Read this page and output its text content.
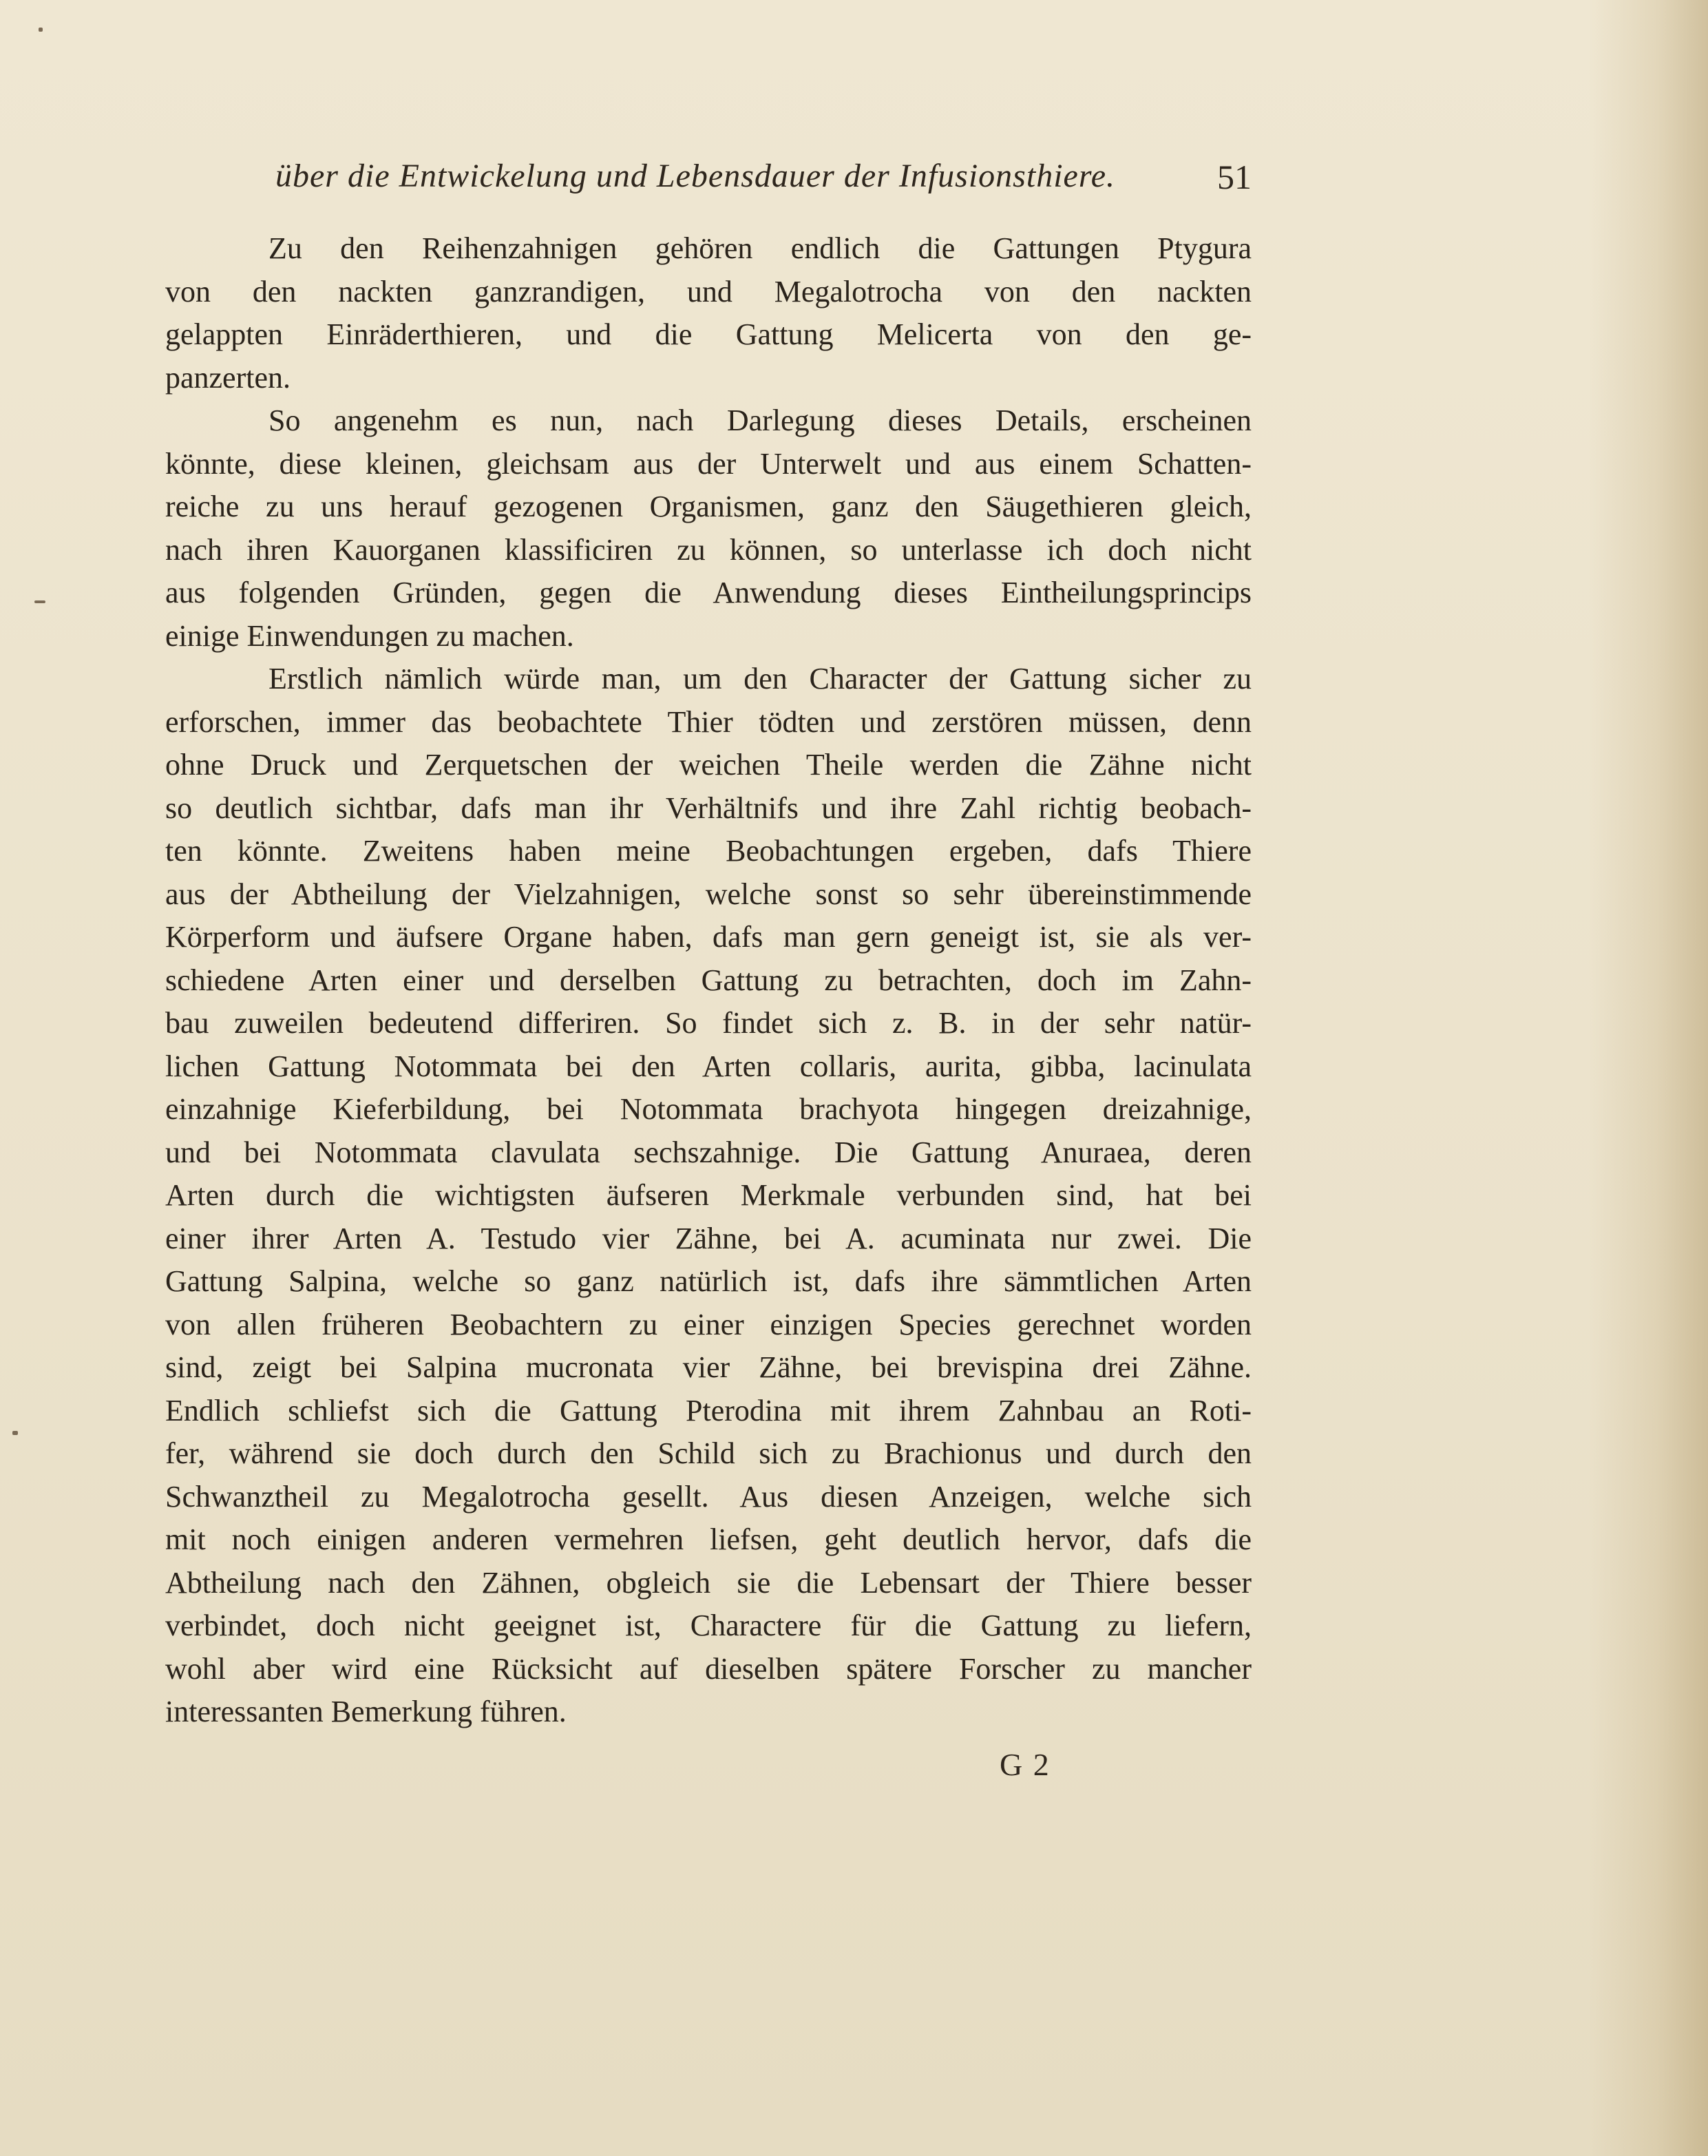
über die Entwickelung und Lebensdauer der Infusionsthiere.	51
Zu den Reihenzahnigen gehören endlich die Gattungen Ptygura
von den nackten ganzrandigen, und Megalotrocha von den nackten
gelappten Einräderthieren, und die Gattung Melicerta von den ge-
panzerten.
So angenehm es nun, nach Darlegung dieses Details, erscheinen
könnte, diese kleinen, gleichsam aus der Unterwelt und aus einem Schatten-
reiche zu uns herauf gezogenen Organismen, ganz den Säugethieren gleich,
nach ihren Kauorganen klassificiren zu können, so unterlasse ich doch nicht
aus folgenden Gründen, gegen die Anwendung dieses Eintheilungsprincips
einige Einwendungen zu machen.
Erstlich nämlich würde man, um den Character der Gattung sicher zu
erforschen, immer das beobachtete Thier tödten und zerstören müssen, denn
ohne Druck und Zerquetschen der weichen Theile werden die Zähne nicht
so deutlich sichtbar, dafs man ihr Verhältnifs und ihre Zahl richtig beobach-
ten könnte. Zweitens haben meine Beobachtungen ergeben, dafs Thiere
aus der Abtheilung der Vielzahnigen, welche sonst so sehr übereinstimmende
Körperform und äufsere Organe haben, dafs man gern geneigt ist, sie als ver-
schiedene Arten einer und derselben Gattung zu betrachten, doch im Zahn-
bau zuweilen bedeutend differiren. So findet sich z. B. in der sehr natür-
lichen Gattung Notommata bei den Arten collaris, aurita, gibba, lacinulata
einzahnige Kieferbildung, bei Notommata brachyota hingegen dreizahnige,
und bei Notommata clavulata sechszahnige. Die Gattung Anuraea, deren
Arten durch die wichtigsten äufseren Merkmale verbunden sind, hat bei
einer ihrer Arten A. Testudo vier Zähne, bei A. acuminata nur zwei. Die
Gattung Salpina, welche so ganz natürlich ist, dafs ihre sämmtlichen Arten
von allen früheren Beobachtern zu einer einzigen Species gerechnet worden
sind, zeigt bei Salpina mucronata vier Zähne, bei brevispina drei Zähne.
Endlich schliefst sich die Gattung Pterodina mit ihrem Zahnbau an Roti-
fer, während sie doch durch den Schild sich zu Brachionus und durch den
Schwanztheil zu Megalotrocha gesellt. Aus diesen Anzeigen, welche sich
mit noch einigen anderen vermehren liefsen, geht deutlich hervor, dafs die
Abtheilung nach den Zähnen, obgleich sie die Lebensart der Thiere besser
verbindet, doch nicht geeignet ist, Charactere für die Gattung zu liefern,
wohl aber wird eine Rücksicht auf dieselben spätere Forscher zu mancher
interessanten Bemerkung führen.
G 2
